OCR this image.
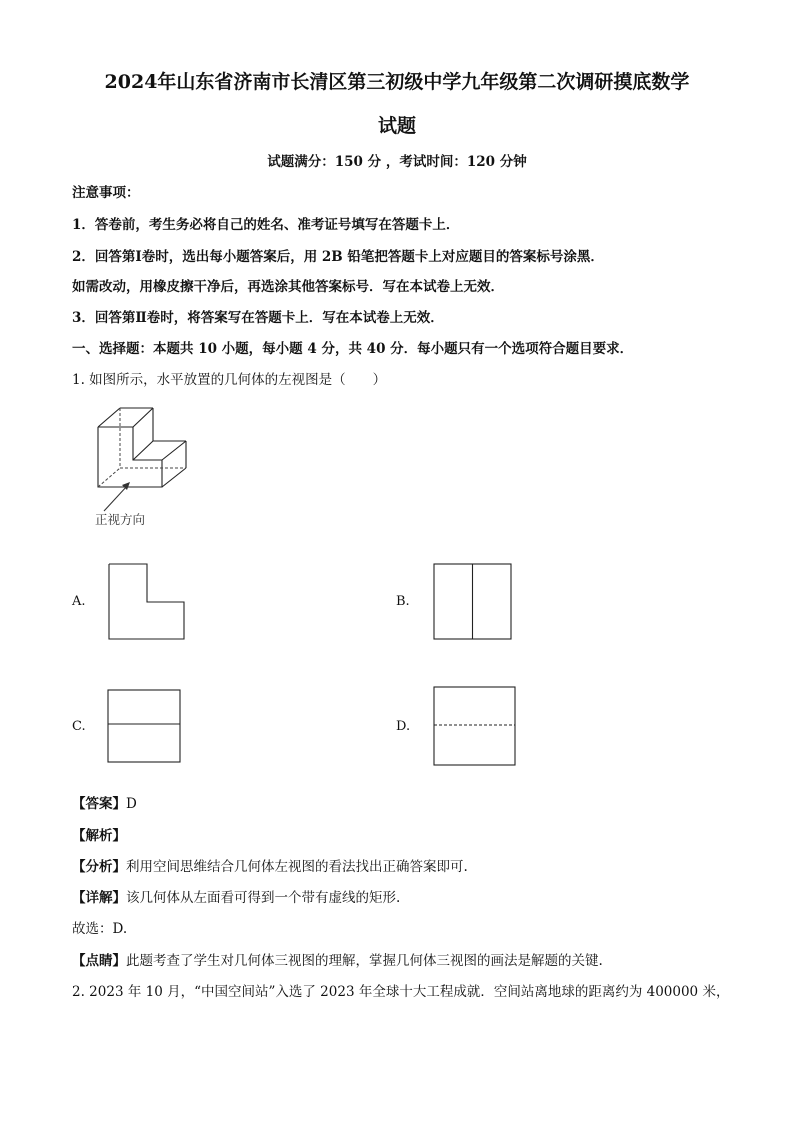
2024年山东省济南市长清区第三初级中学九年级第二次调研摸底数学
试题
试题满分：150 分 ，考试时间：120 分钟
注意事项：
1．答卷前，考生务必将自己的姓名、准考证号填写在答题卡上．
2．回答第Ⅰ卷时，选出每小题答案后，用 2B 铅笔把答题卡上对应题目的答案标号涂黑．
如需改动，用橡皮擦干净后，再选涂其他答案标号．写在本试卷上无效．
3．回答第Ⅱ卷时，将答案写在答题卡上．写在本试卷上无效．
一、选择题：本题共 10 小题，每小题 4 分，共 40 分．每小题只有一个选项符合题目要求．
1. 如图所示，水平放置的几何体的左视图是（　　）
正视方向
A.	B.
C.	D.
【答案】D
【解析】
【分析】利用空间思维结合几何体左视图的看法找出正确答案即可.
【详解】该几何体从左面看可得到一个带有虚线的矩形.
故选：D.
【点睛】此题考查了学生对几何体三视图的理解，掌握几何体三视图的画法是解题的关键.
2. 2023 年 10 月，“中国空间站”入选了 2023 年全球十大工程成就．空间站离地球的距离约为 400000 米，
